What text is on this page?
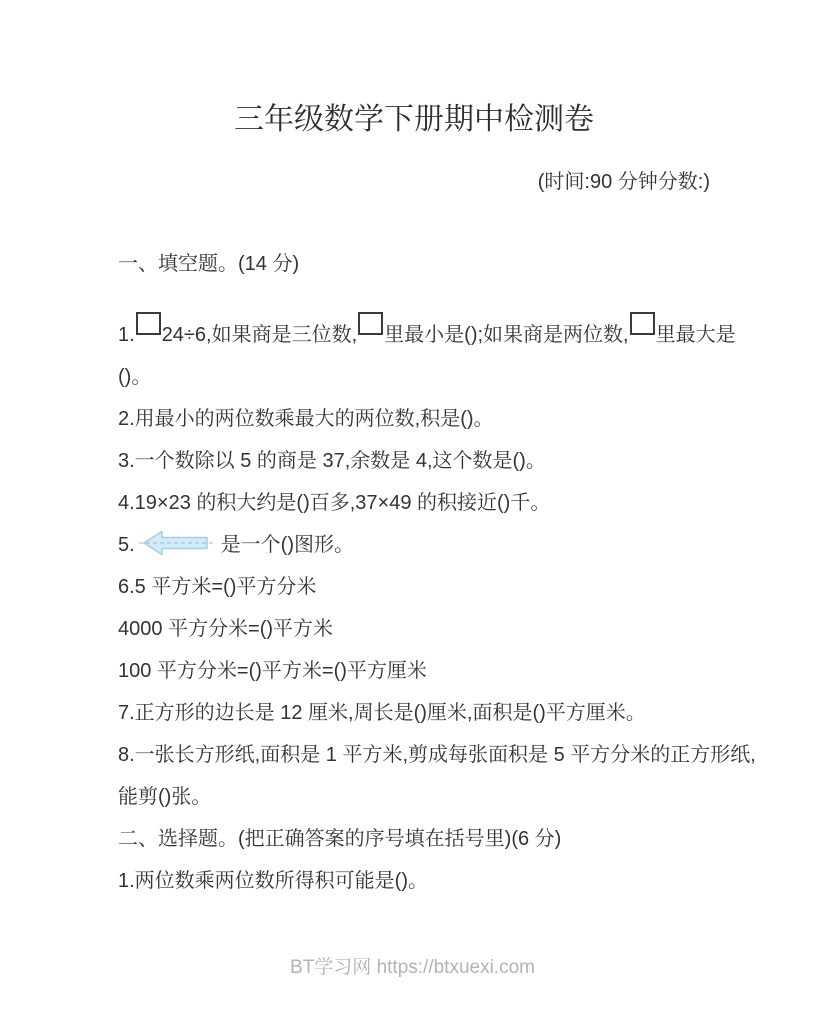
三年级数学下册期中检测卷
(时间:90 分钟分数:)
一、填空题。(14 分)
1. 24÷6,如果商是三位数, 里最小是();如果商是两位数, 里最大是
()。
2.用最小的两位数乘最大的两位数,积是()。
3.一个数除以 5 的商是 37,余数是 4,这个数是()。
4.19×23 的积大约是()百多,37×49 的积接近()千。
5.	是一个()图形。
6.5 平方米=()平方分米
4000 平方分米=()平方米
100 平方分米=()平方米=()平方厘米
7.正方形的边长是 12 厘米,周长是()厘米,面积是()平方厘米。
8.一张长方形纸,面积是 1 平方米,剪成每张面积是 5 平方分米的正方形纸,
能剪()张。
二、选择题。(把正确答案的序号填在括号里)(6 分)
1.两位数乘两位数所得积可能是()。
BT学习网 https://btxuexi.com
